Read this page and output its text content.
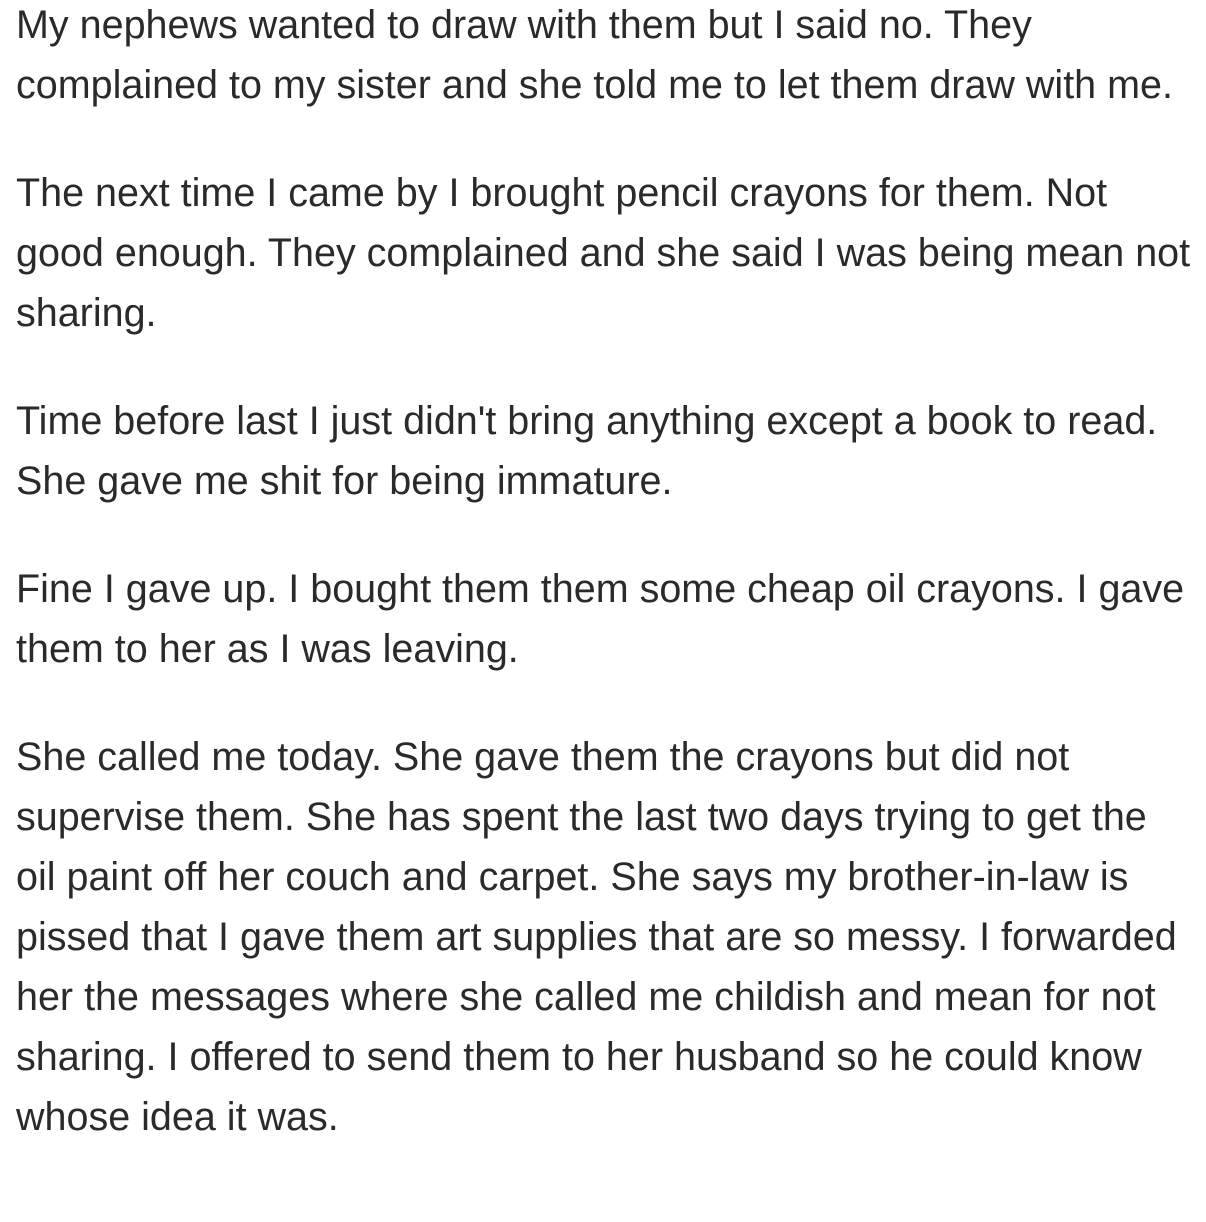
My nephews wanted to draw with them but I said no. They complained to my sister and she told me to let them draw with me.

The next time I came by I brought pencil crayons for them. Not good enough. They complained and she said I was being mean not sharing.

Time before last I just didn't bring anything except a book to read. She gave me shit for being immature.

Fine I gave up. I bought them them some cheap oil crayons. I gave them to her as I was leaving.

She called me today. She gave them the crayons but did not supervise them. She has spent the last two days trying to get the oil paint off her couch and carpet. She says my brother-in-law is pissed that I gave them art supplies that are so messy. I forwarded her the messages where she called me childish and mean for not sharing. I offered to send them to her husband so he could know whose idea it was.
